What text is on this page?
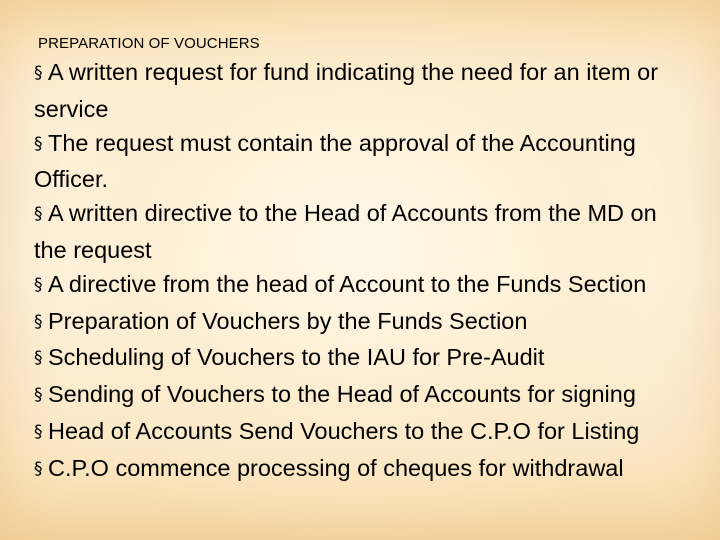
PREPARATION OF VOUCHERS
§ A written request for fund indicating the need for an item or service
§ The request must contain the approval of the Accounting Officer.
§ A written directive to the Head of Accounts from the MD on the request
§ A directive from the head of Account to the Funds Section
§ Preparation of Vouchers by the Funds Section
§ Scheduling of Vouchers to the IAU for Pre-Audit
§ Sending of Vouchers to the Head of Accounts for signing
§ Head of Accounts Send Vouchers to the C.P.O for Listing
§ C.P.O commence processing of cheques for withdrawal
